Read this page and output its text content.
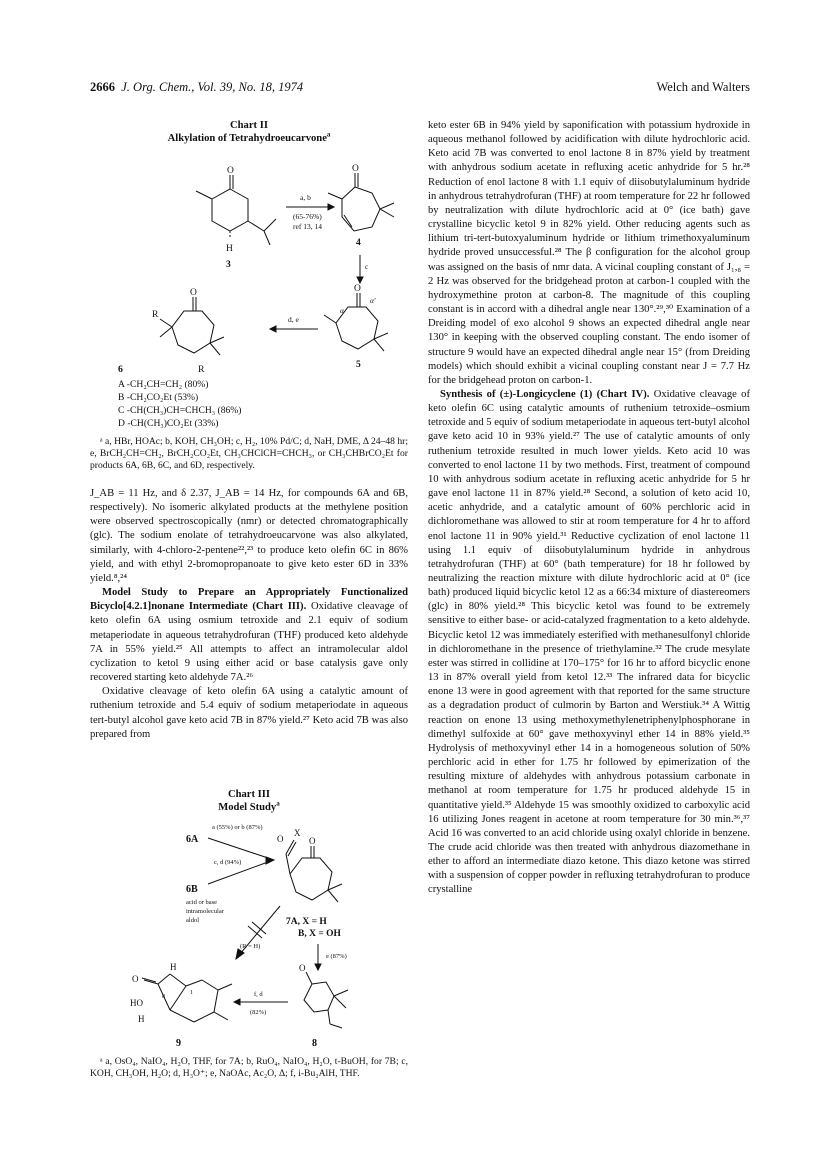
2666 J. Org. Chem., Vol. 39, No. 18, 1974	Welch and Walters
Chart II
Alkylation of Tetrahydroeucarvone$^a$
O
H
3
a, b
(65-76%)
ref 13, 14
O
4
c
O
α
α′
5
d, e
O
R
6	R
A -CH₂CH=CH₂ (80%)
B -CH₂CO₂Et (53%)
C -CH(CH₃)CH=CHCH₃ (86%)
D -CH(CH₃)CO₂Et (33%)
ᵃ a, HBr, HOAc; b, KOH, CH₃OH; c, H₂, 10% Pd/C; d, NaH, DME, Δ 24–48 hr; e, BrCH₂CH=CH₂, BrCH₂CO₂Et, CH₃CHClCH=CHCH₃, or CH₃CHBrCO₂Et for products 6A, 6B, 6C, and 6D, respectively.

J_AB = 11 Hz, and δ 2.37, J_AB = 14 Hz, for compounds 6A and 6B, respectively). No isomeric alkylated products at the methylene position were observed spectroscopically (nmr) or detected chromatographically (glc). The sodium enolate of tetrahydroeucarvone was also alkylated, similarly, with 4-chloro-2-pentene²²,²³ to produce keto olefin 6C in 86% yield, and with ethyl 2-bromopropanoate to give keto ester 6D in 33% yield.⁸,²⁴

Model Study to Prepare an Appropriately Functionalized Bicyclo[4.2.1]nonane Intermediate (Chart III). Oxidative cleavage of keto olefin 6A using osmium tetroxide and 2.1 equiv of sodium metaperiodate in aqueous tetrahydrofuran (THF) produced keto aldehyde 7A in 55% yield.²⁵ All attempts to affect an intramolecular aldol cyclization to ketol 9 using either acid or base catalysis gave only recovered starting keto aldehyde 7A.²⁶

Oxidative cleavage of keto olefin 6A using a catalytic amount of ruthenium tetroxide and 5.4 equiv of sodium metaperiodate in aqueous tert-butyl alcohol gave keto acid 7B in 87% yield.²⁷ Keto acid 7B was also prepared from

Chart III
Model Study$^a$
6A
6B
a (55%) or b (87%)
c, d (94%)
acid or base
intramolecular
aldol
(R = H)
O
X
O
7A, X = H
B, X = OH
e (87%)
O
8
f, d
(82%)
O
H
HO
H
8
1
9
ᵃ a, OsO₄, NaIO₄, H₂O, THF, for 7A; b, RuO₄, NaIO₄, H₂O, t-BuOH, for 7B; c, KOH, CH₃OH, H₂O; d, H₃O⁺; e, NaOAc, Ac₂O, Δ; f, i-Bu₂AlH, THF.

keto ester 6B in 94% yield by saponification with potassium hydroxide in aqueous methanol followed by acidification with dilute hydrochloric acid. Keto acid 7B was converted to enol lactone 8 in 87% yield by treatment with anhydrous sodium acetate in refluxing acetic anhydride for 5 hr.²⁸ Reduction of enol lactone 8 with 1.1 equiv of diisobutylaluminum hydride in anhydrous tetrahydrofuran (THF) at room temperature for 22 hr followed by neutralization with dilute hydrochloric acid at 0° (ice bath) gave crystalline bicyclic ketol 9 in 82% yield. Other reducing agents such as lithium tri-tert-butoxyaluminum hydride or lithium trimethoxyaluminum hydride proved unsuccessful.²⁸ The β configuration for the alcohol group was assigned on the basis of nmr data. A vicinal coupling constant of J₁,₈ = 2 Hz was observed for the bridgehead proton at carbon-1 coupled with the hydroxymethine proton at carbon-8. The magnitude of this coupling constant is in accord with a dihedral angle near 130°.²⁹,³⁰ Examination of a Dreiding model of exo alcohol 9 shows an expected dihedral angle near 130° in keeping with the observed coupling constant. The endo isomer of structure 9 would have an expected dihedral angle near 15° (from Dreiding models) which should exhibit a vicinal coupling constant near J = 7.7 Hz for the bridgehead proton on carbon-1.

Synthesis of (±)-Longicyclene (1) (Chart IV). Oxidative cleavage of keto olefin 6C using catalytic amounts of ruthenium tetroxide–osmium tetroxide and 5 equiv of sodium metaperiodate in aqueous tert-butyl alcohol gave keto acid 10 in 93% yield.²⁷ The use of catalytic amounts of only ruthenium tetroxide resulted in much lower yields. Keto acid 10 was converted to enol lactone 11 by two methods. First, treatment of compound 10 with anhydrous sodium acetate in refluxing acetic anhydride for 5 hr gave enol lactone 11 in 87% yield.²⁸ Second, a solution of keto acid 10, acetic anhydride, and a catalytic amount of 60% perchloric acid in dichloromethane was allowed to stir at room temperature for 4 hr to afford enol lactone 11 in 90% yield.³¹ Reductive cyclization of enol lactone 11 using 1.1 equiv of diisobutylaluminum hydride in anhydrous tetrahydrofuran (THF) at 60° (bath temperature) for 18 hr followed by neutralizing the reaction mixture with dilute hydrochloric acid at 0° (ice bath) produced liquid bicyclic ketol 12 as a 66:34 mixture of diastereomers (glc) in 80% yield.²⁸ This bicyclic ketol was found to be extremely sensitive to either base- or acid-catalyzed fragmentation to a keto aldehyde. Bicyclic ketol 12 was immediately esterified with methanesulfonyl chloride in dichloromethane in the presence of triethylamine.³² The crude mesylate ester was stirred in collidine at 170–175° for 16 hr to afford bicyclic enone 13 in 87% overall yield from ketol 12.³³ The infrared data for bicyclic enone 13 were in good agreement with that reported for the same structure as a degradation product of culmorin by Barton and Werstiuk.³⁴ A Wittig reaction on enone 13 using methoxymethylenetriphenylphosphorane in dimethyl sulfoxide at 60° gave methoxyvinyl ether 14 in 88% yield.³⁵ Hydrolysis of methoxyvinyl ether 14 in a homogeneous solution of 50% perchloric acid in ether for 1.75 hr followed by epimerization of the resulting mixture of aldehydes with anhydrous potassium carbonate in methanol at room temperature for 1.75 hr produced aldehyde 15 in quantitative yield.³⁵ Aldehyde 15 was smoothly oxidized to carboxylic acid 16 utilizing Jones reagent in acetone at room temperature for 30 min.³⁶,³⁷ Acid 16 was converted to an acid chloride using oxalyl chloride in benzene. The crude acid chloride was then treated with anhydrous diazomethane in ether to afford an intermediate diazo ketone. This diazo ketone was stirred with a suspension of copper powder in refluxing tetrahydrofuran to produce crystalline
